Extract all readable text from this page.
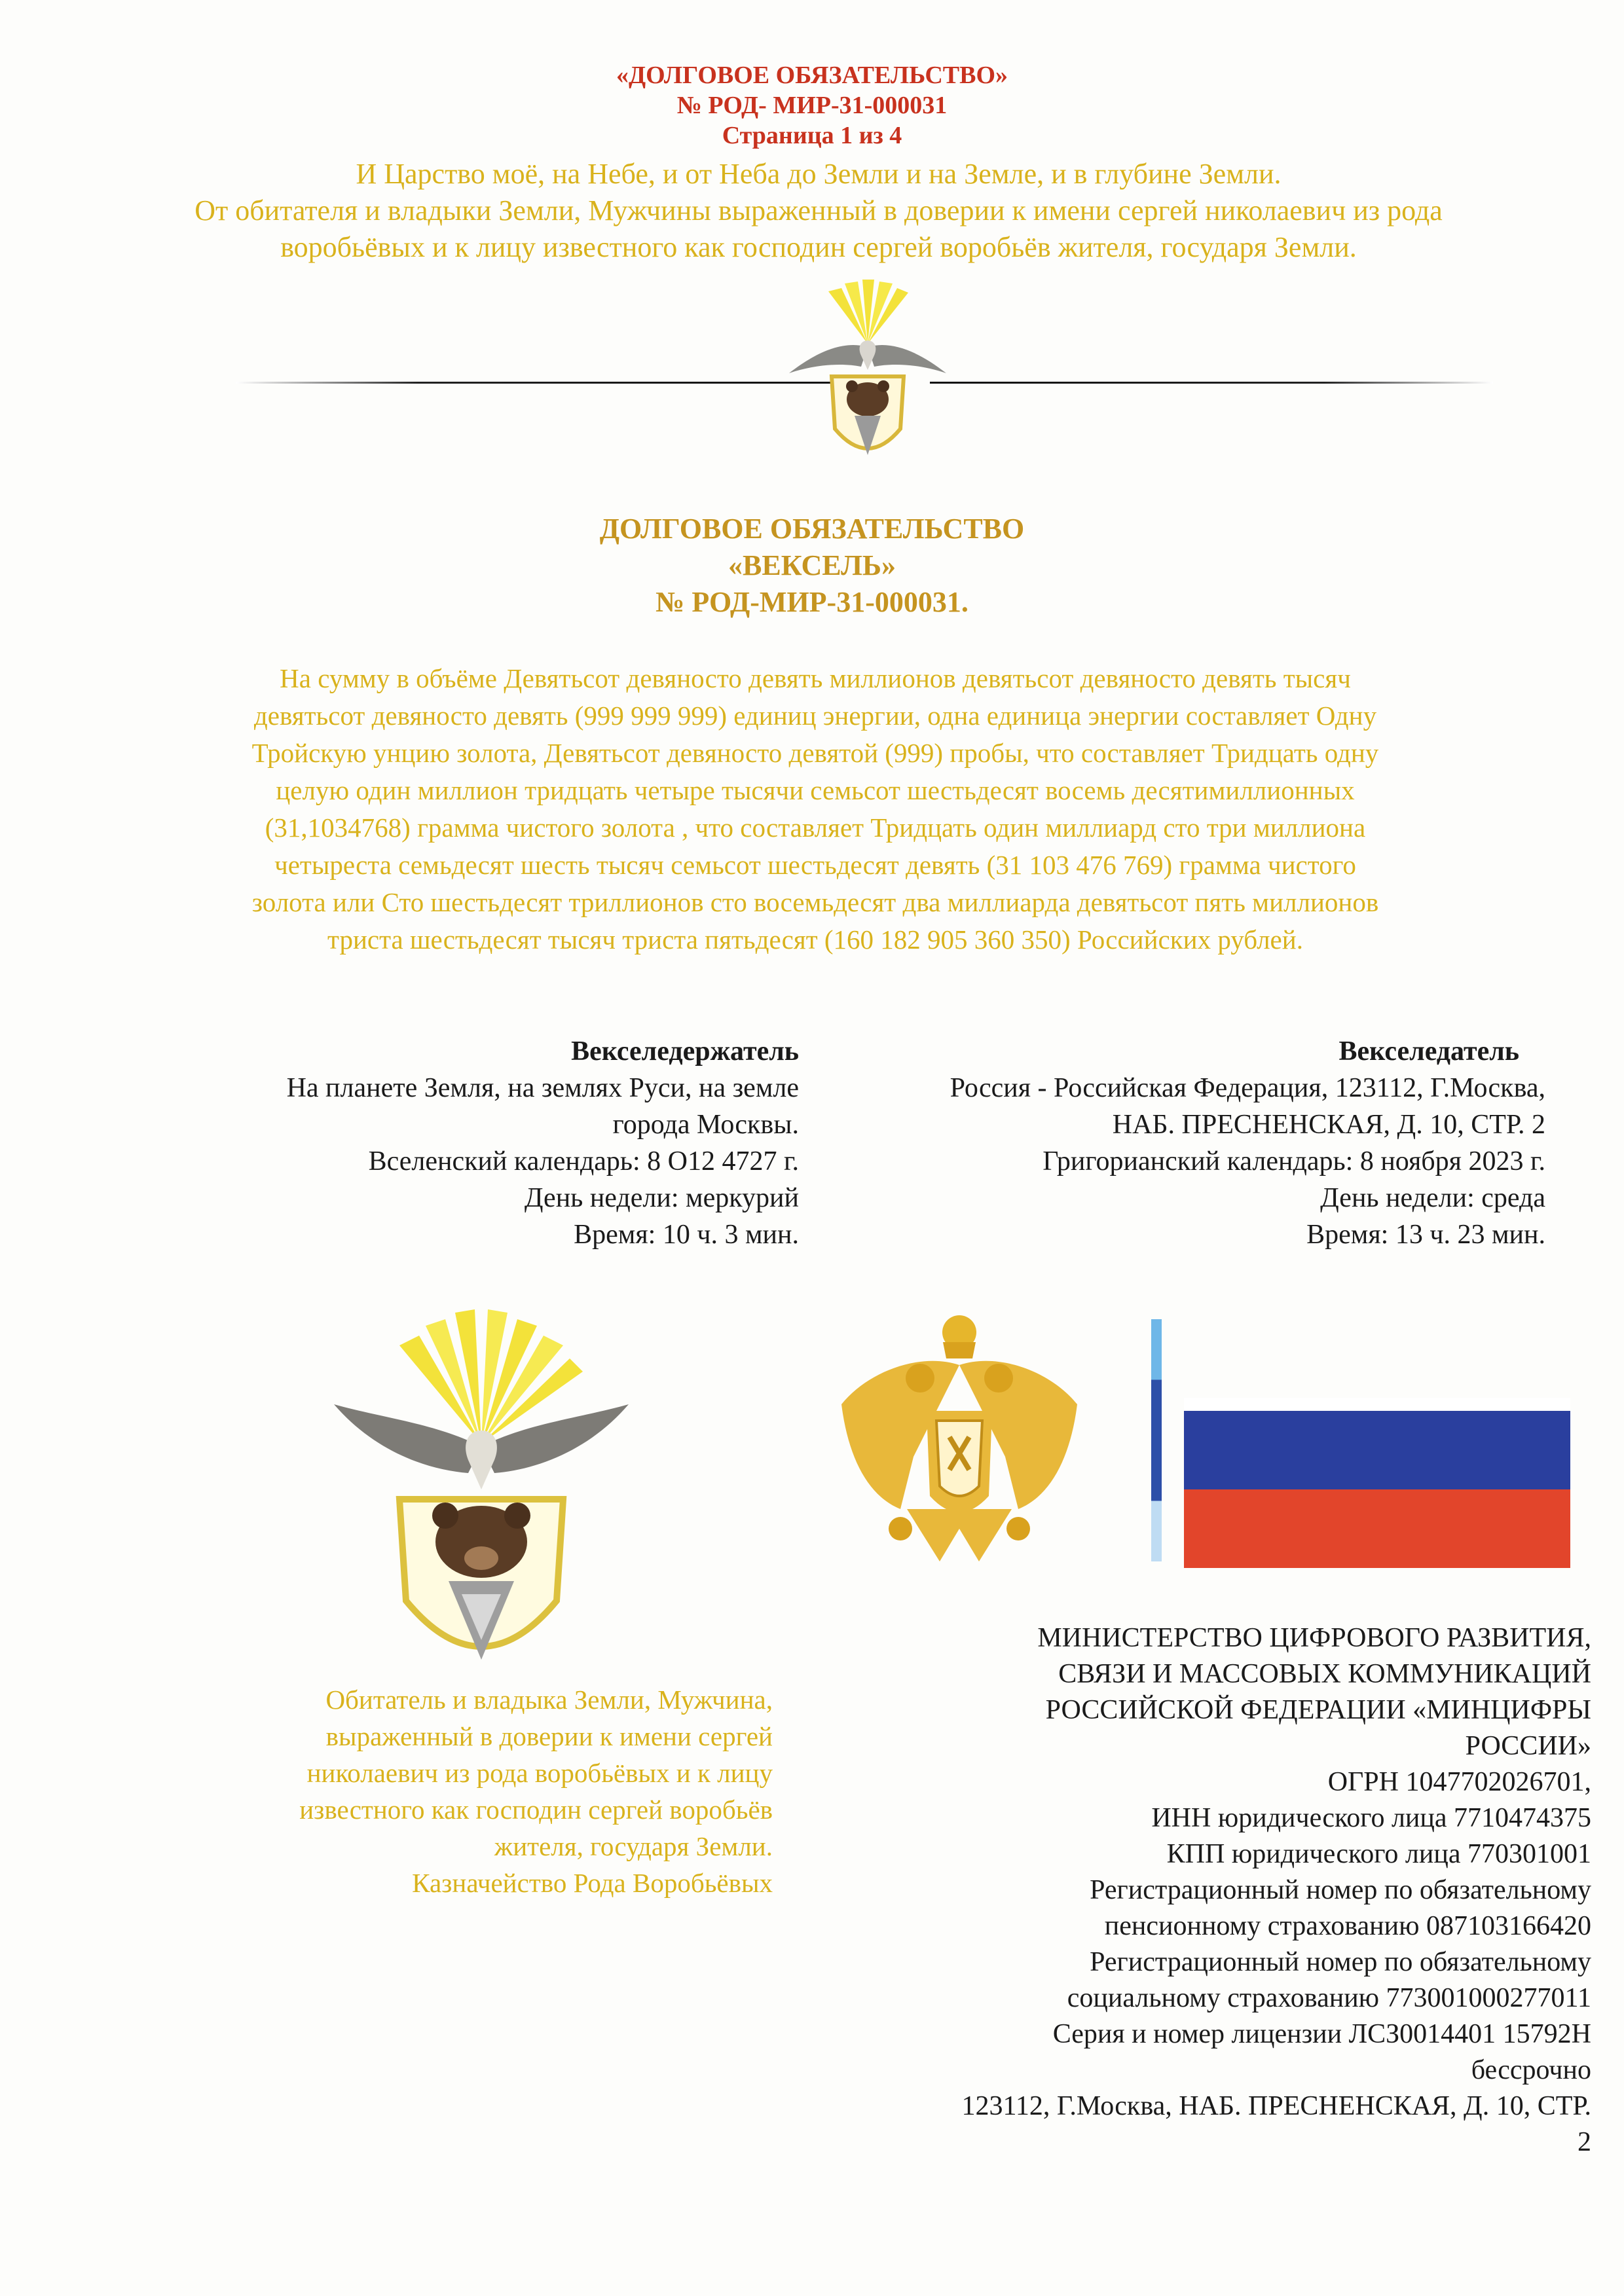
«ДОЛГОВОЕ ОБЯЗАТЕЛЬСТВО»
№ РОД- МИР-31-000031
Страница 1 из 4
И Царство моё, на Небе, и от Неба до Земли и на Земле, и в глубине Земли.
От обитателя и владыки Земли, Мужчины выраженный в доверии к имени сергей николаевич из рода
воробьёвых и к лицу известного как господин сергей воробьёв жителя, государя Земли.
ДОЛГОВОЕ ОБЯЗАТЕЛЬСТВО
«ВЕКСЕЛЬ»
№ РОД-МИР-31-000031.
На сумму в объёме Девятьсот девяносто девять миллионов девятьсот девяносто девять тысяч
девятьсот девяносто девять (999 999 999) единиц энергии, одна единица энергии составляет Одну
Тройскую унцию золота, Девятьсот девяносто девятой (999) пробы, что составляет Тридцать одну
целую один миллион тридцать четыре тысячи семьсот шестьдесят восемь десятимиллионных
(31,1034768) грамма чистого золота , что составляет Тридцать один миллиард сто три миллиона
четыреста семьдесят шесть тысяч семьсот шестьдесят девять (31 103 476 769) грамма чистого
золота или Сто шестьдесят триллионов сто восемьдесят два миллиарда девятьсот пять миллионов
триста шестьдесят тысяч триста пятьдесят (160 182 905 360 350) Российских рублей.
Векселедержатель
На планете Земля, на землях Руси, на земле
города Москвы.
Вселенский календарь: 8 О12 4727 г.
День недели: меркурий
Время: 10 ч. 3 мин.
Векселедатель
Россия - Российская Федерация, 123112, Г.Москва,
НАБ. ПРЕСНЕНСКАЯ, Д. 10, СТР. 2
Григорианский календарь: 8 ноября 2023 г.
День недели: среда
Время: 13 ч. 23 мин.
Обитатель и владыка Земли, Мужчина,
выраженный в доверии к имени сергей
николаевич из рода воробьёвых и к лицу
известного как господин сергей воробьёв
жителя, государя Земли.
Казначейство Рода Воробьёвых
МИНИСТЕРСТВО ЦИФРОВОГО РАЗВИТИЯ,
СВЯЗИ И МАССОВЫХ КОММУНИКАЦИЙ
РОССИЙСКОЙ ФЕДЕРАЦИИ «МИНЦИФРЫ
РОССИИ»
ОГРН 1047702026701,
ИНН юридического лица 7710474375
КПП юридического лица 770301001
Регистрационный номер по обязательному
пенсионному страхованию 087103166420
Регистрационный номер по обязательному
социальному страхованию 773001000277011
Серия и номер лицензии ЛСЗ0014401 15792Н
бессрочно
123112, Г.Москва, НАБ. ПРЕСНЕНСКАЯ, Д. 10, СТР.
2
